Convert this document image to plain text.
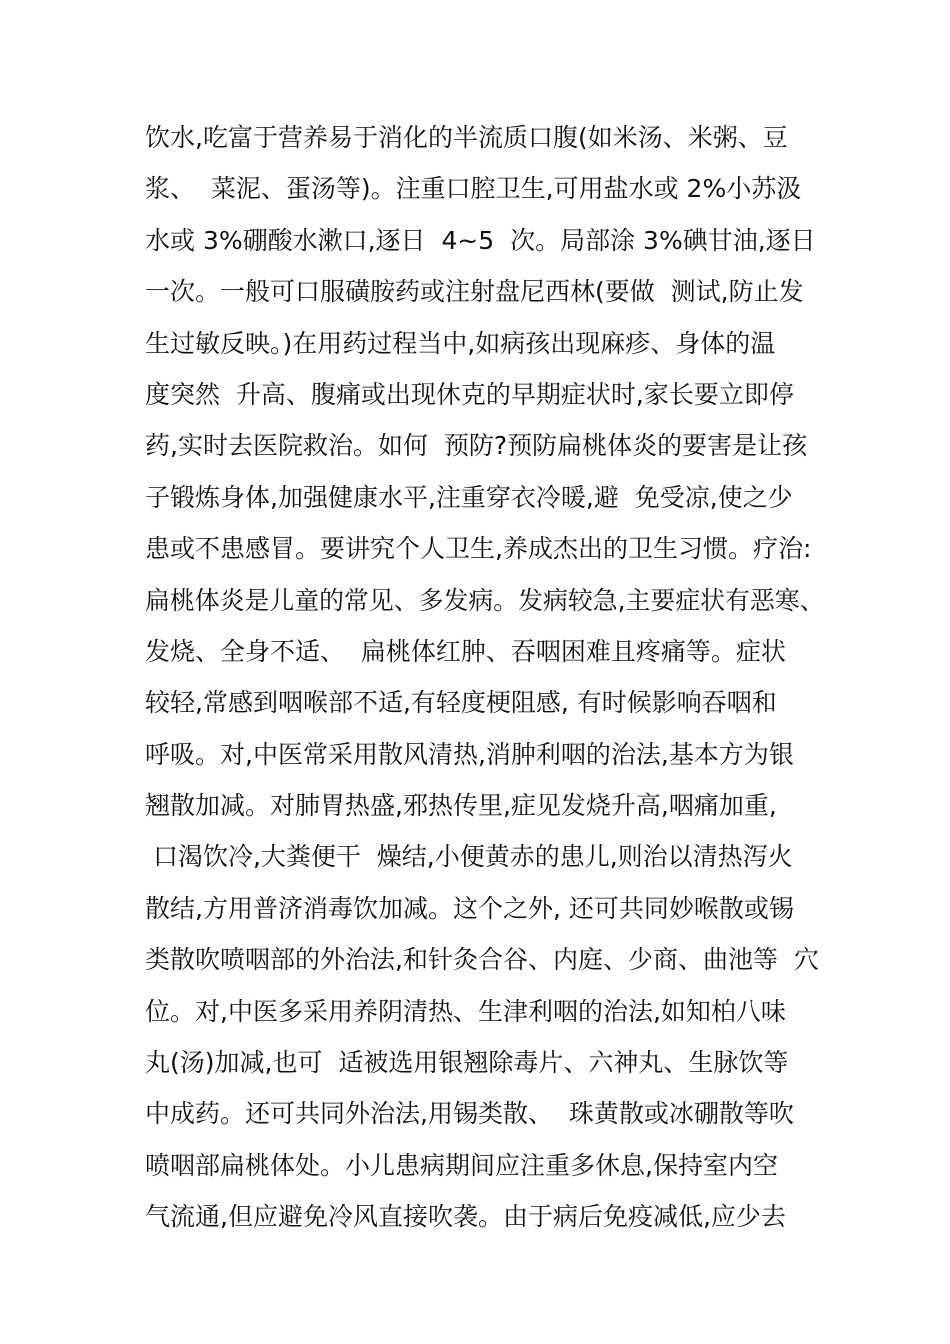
饮水,吃富于营养易于消化的半流质口腹(如米汤、米粥、豆
浆、  菜泥、蛋汤等)。注重口腔卫生,可用盐水或 2%小苏汲
水或 3%硼酸水漱口,逐日  4~5  次。局部涂 3%碘甘油,逐日
一次。一般可口服磺胺药或注射盘尼西林(要做  测试,防止发
生过敏反映。)在用药过程当中,如病孩出现麻疹、身体的温
度突然  升高、腹痛或出现休克的早期症状时,家长要立即停
药,实时去医院救治。如何  预防?预防扁桃体炎的要害是让孩
子锻炼身体,加强健康水平,注重穿衣冷暖,避  免受凉,使之少
患或不患感冒。要讲究个人卫生,养成杰出的卫生习惯。疗治:
扁桃体炎是儿童的常见、多发病。发病较急,主要症状有恶寒、
发烧、全身不适、  扁桃体红肿、吞咽困难且疼痛等。症状
较轻,常感到咽喉部不适,有轻度梗阻感, 有时候影响吞咽和
呼吸。对,中医常采用散风清热,消肿利咽的治法,基本方为银
翘散加减。对肺胃热盛,邪热传里,症见发烧升高,咽痛加重,
口渴饮冷,大粪便干  燥结,小便黄赤的患儿,则治以清热泻火
散结,方用普济消毒饮加减。这个之外, 还可共同妙喉散或锡
类散吹喷咽部的外治法,和针灸合谷、内庭、少商、曲池等  穴
位。对,中医多采用养阴清热、生津利咽的治法,如知柏八味
丸(汤)加减,也可  适被选用银翘除毒片、六神丸、生脉饮等
中成药。还可共同外治法,用锡类散、  珠黄散或冰硼散等吹
喷咽部扁桃体处。小儿患病期间应注重多休息,保持室内空
气流通,但应避免冷风直接吹袭。由于病后免疫减低,应少去
